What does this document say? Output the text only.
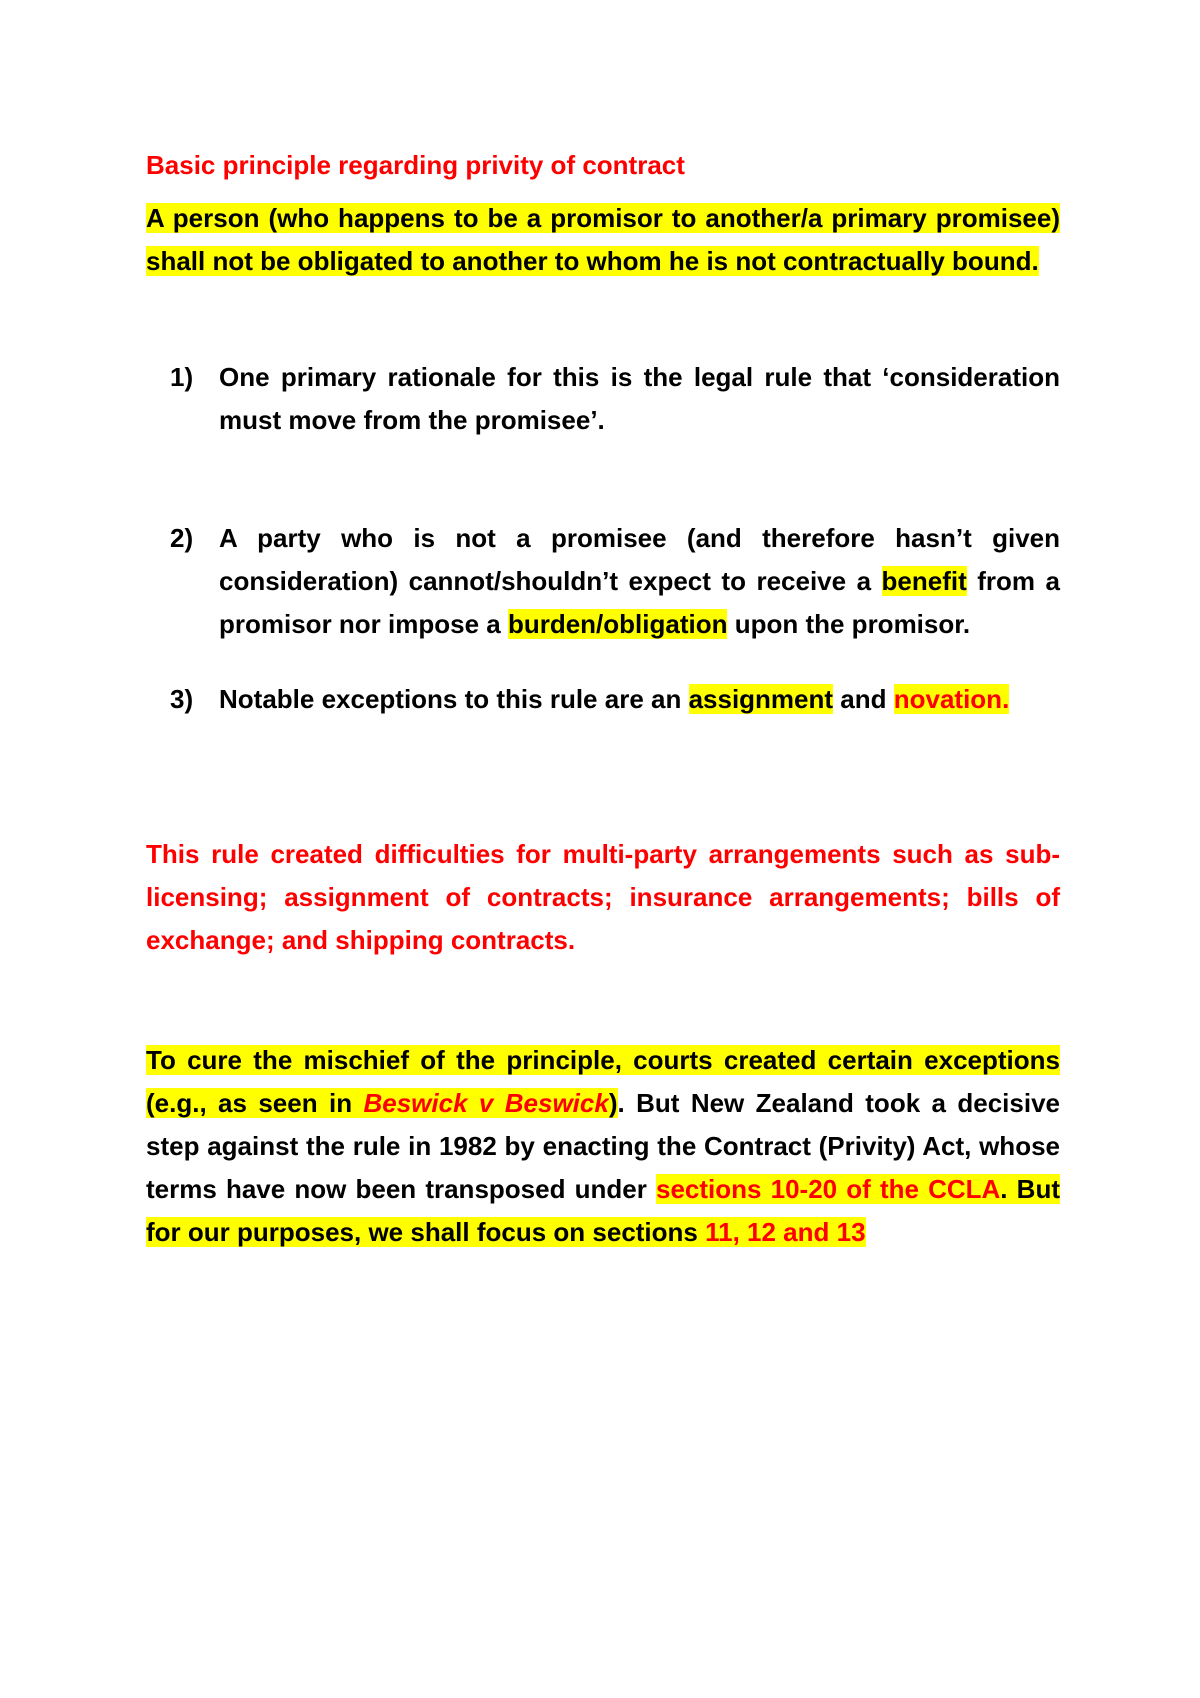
Basic principle regarding privity of contract

A person (who happens to be a promisor to another/a primary promisee) shall not be obligated to another to whom he is not contractually bound.

1) One primary rationale for this is the legal rule that ‘consideration must move from the promisee’.
2) A party who is not a promisee (and therefore hasn’t given consideration) cannot/shouldn’t expect to receive a benefit from a promisor nor impose a burden/obligation upon the promisor.
3) Notable exceptions to this rule are an assignment and novation.

This rule created difficulties for multi-party arrangements such as sub-licensing; assignment of contracts; insurance arrangements; bills of exchange; and shipping contracts.

To cure the mischief of the principle, courts created certain exceptions (e.g., as seen in Beswick v Beswick). But New Zealand took a decisive step against the rule in 1982 by enacting the Contract (Privity) Act, whose terms have now been transposed under sections 10-20 of the CCLA. But for our purposes, we shall focus on sections 11, 12 and 13
